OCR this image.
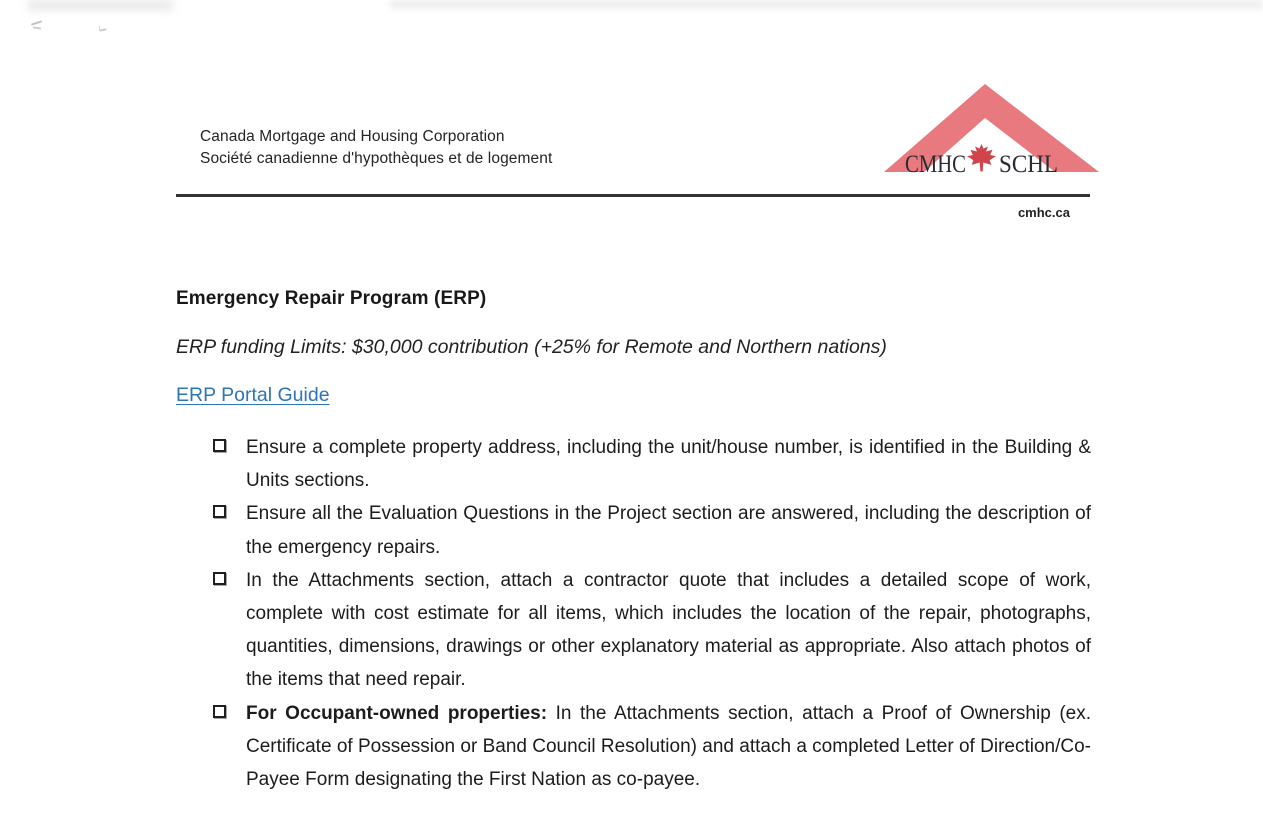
Canada Mortgage and Housing Corporation
Société canadienne d'hypothèques et de logement	CMHC SCHL
cmhc.ca
Emergency Repair Program (ERP)
ERP funding Limits: $30,000 contribution (+25% for Remote and Northern nations)
ERP Portal Guide
Ensure a complete property address, including the unit/house number, is identified in the Building & Units sections.
Ensure all the Evaluation Questions in the Project section are answered, including the description of the emergency repairs.
In the Attachments section, attach a contractor quote that includes a detailed scope of work, complete with cost estimate for all items, which includes the location of the repair, photographs, quantities, dimensions, drawings or other explanatory material as appropriate. Also attach photos of the items that need repair.
For Occupant-owned properties: In the Attachments section, attach a Proof of Ownership (ex. Certificate of Possession or Band Council Resolution) and attach a completed Letter of Direction/Co-Payee Form designating the First Nation as co-payee.
